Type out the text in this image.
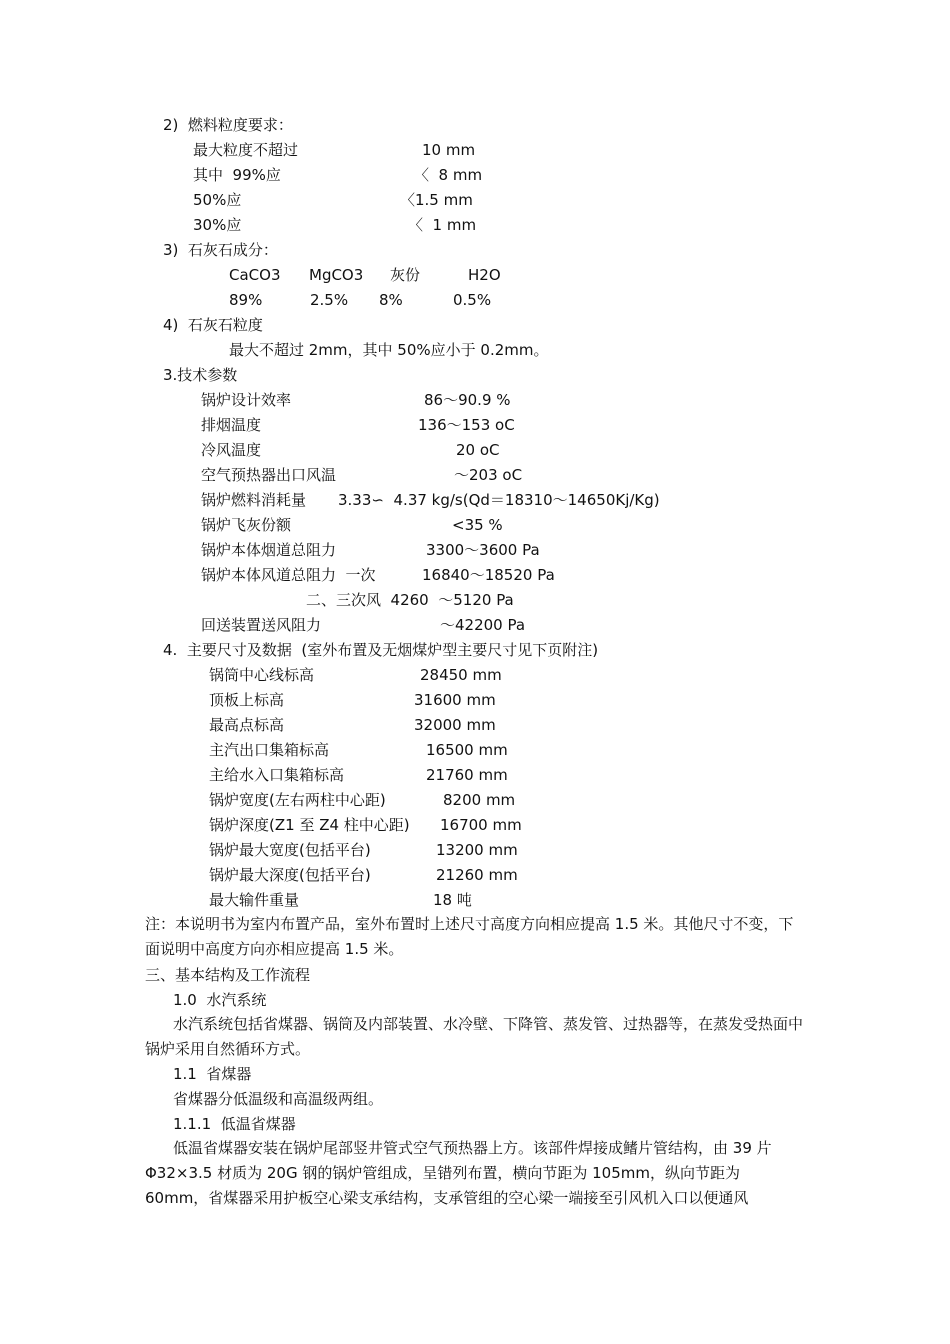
2)  燃料粒度要求：
最大粒度不超过	10 mm
其中  99%应	〈  8 mm
50%应	〈1.5 mm
30%应	〈  1 mm
3)  石灰石成分：
CaCO3 MgCO3 灰份	H2O
89%	2.5% 8%	0.5%
4)  石灰石粒度
最大不超过 2mm，其中 50%应小于 0.2mm。
3.技术参数
锅炉设计效率	86～90.9 %
排烟温度	136～153 oC
冷风温度	20 oC
空气预热器出口风温	～203 oC
锅炉燃料消耗量 3.33∽  4.37 kg/s(Qd＝18310～14650Kj/Kg)
锅炉飞灰份额	<35 %
锅炉本体烟道总阻力	3300～3600 Pa
锅炉本体风道总阻力  一次	16840～18520 Pa
二、三次风  4260  ～5120 Pa
回送装置送风阻力	～42200 Pa
4.  主要尺寸及数据  (室外布置及无烟煤炉型主要尺寸见下页附注)
锅筒中心线标高	28450 mm
顶板上标高	31600 mm
最高点标高	32000 mm
主汽出口集箱标高	16500 mm
主给水入口集箱标高	21760 mm
锅炉宽度(左右两柱中心距)	8200 mm
锅炉深度(Z1 至 Z4 柱中心距) 16700 mm
锅炉最大宽度(包括平台)	13200 mm
锅炉最大深度(包括平台)	21260 mm
最大输件重量	18 吨
注：本说明书为室内布置产品，室外布置时上述尺寸高度方向相应提高 1.5 米。其他尺寸不变，下面说明中高度方向亦相应提高 1.5 米。
三、基本结构及工作流程
1.0  水汽系统
水汽系统包括省煤器、锅筒及内部装置、水冷壁、下降管、蒸发管、过热器等，在蒸发受热面中锅炉采用自然循环方式。
1.1  省煤器
省煤器分低温级和高温级两组。
1.1.1  低温省煤器
低温省煤器安装在锅炉尾部竖井管式空气预热器上方。该部件焊接成鳍片管结构，由 39 片 Φ32×3.5 材质为 20G 钢的锅炉管组成，呈错列布置，横向节距为 105mm，纵向节距为 60mm，省煤器采用护板空心梁支承结构，支承管组的空心梁一端接至引风机入口以便通风
